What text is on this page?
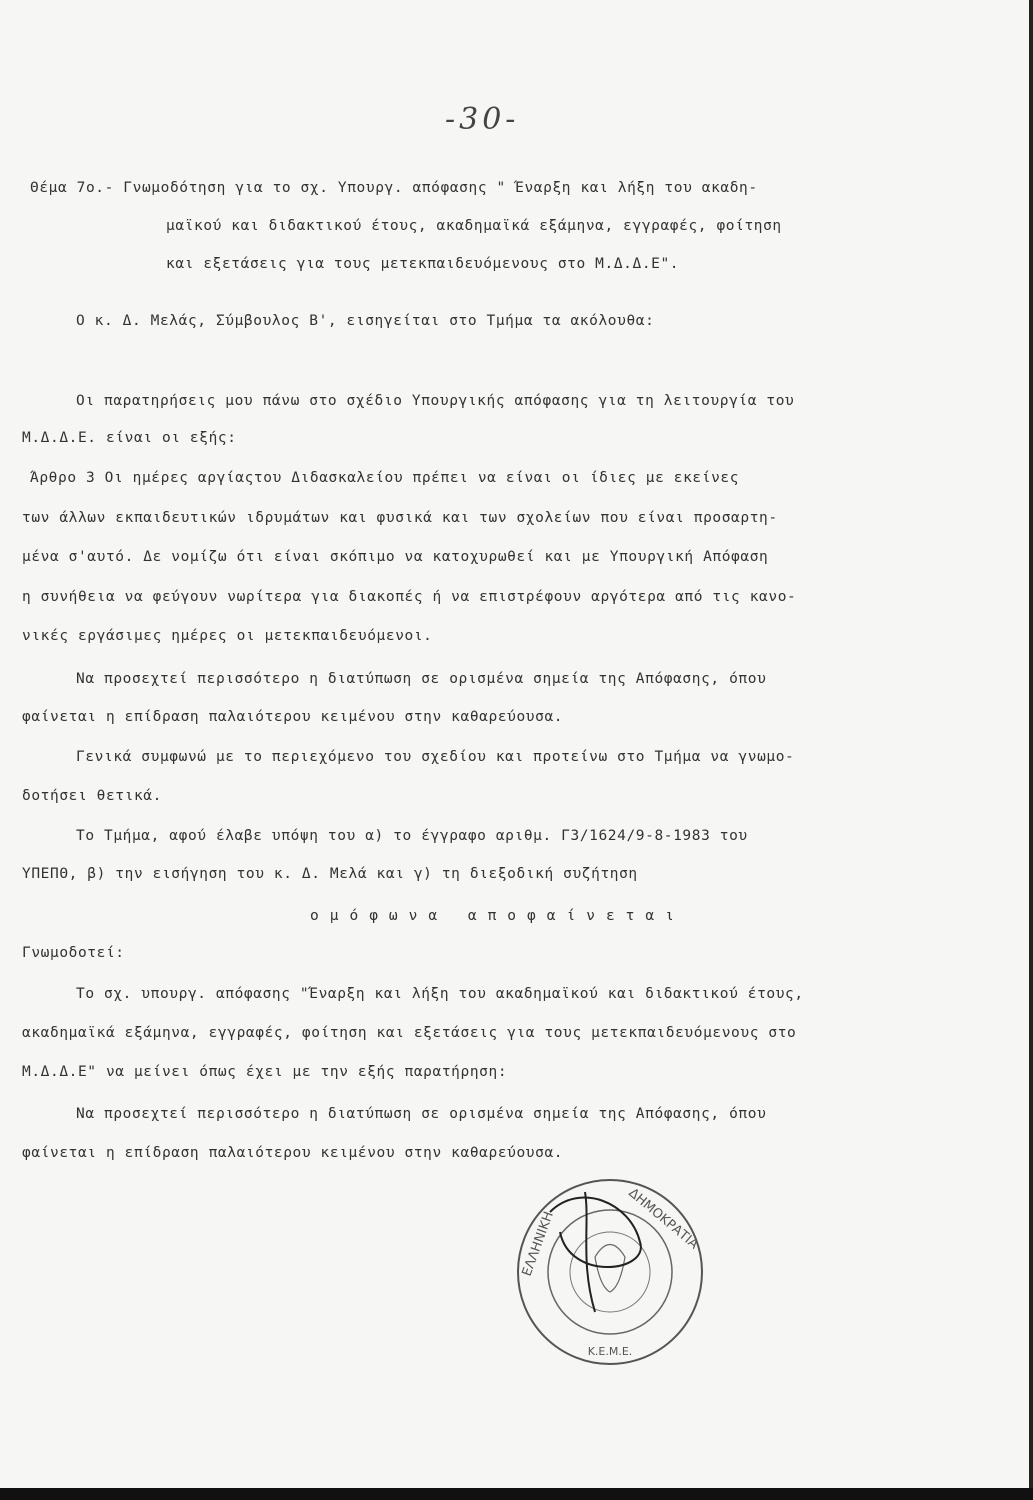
-30-
Θέμα 7ο.- Γνωμοδότηση για το σχ. Υπουργ. απόφασης " Έναρξη και λήξη του ακαδη-
μαϊκού και διδακτικού έτους, ακαδημαϊκά εξάμηνα, εγγραφές, φοίτηση
και εξετάσεις για τους μετεκπαιδευόμενους στο Μ.Δ.Δ.Ε".
Ο κ. Δ. Μελάς, Σύμβουλος Β', εισηγείται στο Τμήμα τα ακόλουθα:
Οι παρατηρήσεις μου πάνω στο σχέδιο Υπουργικής απόφασης για τη λειτουργία του
Μ.Δ.Δ.Ε. είναι οι εξής:
Άρθρο 3 Οι ημέρες αργίαςτου Διδασκαλείου πρέπει να είναι οι ίδιες με εκείνες
των άλλων εκπαιδευτικών ιδρυμάτων και φυσικά και των σχολείων που είναι προσαρτη-
μένα σ'αυτό. Δε νομίζω ότι είναι σκόπιμο να κατοχυρωθεί και με Υπουργική Απόφαση
η συνήθεια να φεύγουν νωρίτερα για διακοπές ή να επιστρέφουν αργότερα από τις κανο-
νικές εργάσιμες ημέρες οι μετεκπαιδευόμενοι.
Να προσεχτεί περισσότερο η διατύπωση σε ορισμένα σημεία της Απόφασης, όπου
φαίνεται η επίδραση παλαιότερου κειμένου στην καθαρεύουσα.
Γενικά συμφωνώ με το περιεχόμενο του σχεδίου και προτείνω στο Τμήμα να γνωμο-
δοτήσει θετικά.
Το Τμήμα, αφού έλαβε υπόψη του α) το έγγραφο αριθμ. Γ3/1624/9-8-1983 του
ΥΠΕΠΘ, β) την εισήγηση του κ. Δ. Μελά και γ) τη διεξοδική συζήτηση
ομόφωνα αποφαίνεται
Γνωμοδοτεί:
Το σχ. υπουργ. απόφασης "Έναρξη και λήξη του ακαδημαϊκού και διδακτικού έτους,
ακαδημαϊκά εξάμηνα, εγγραφές, φοίτηση και εξετάσεις για τους μετεκπαιδευόμενους στο
Μ.Δ.Δ.Ε" να μείνει όπως έχει με την εξής παρατήρηση:
Να προσεχτεί περισσότερο η διατύπωση σε ορισμένα σημεία της Απόφασης, όπου
φαίνεται η επίδραση παλαιότερου κειμένου στην καθαρεύουσα.
Κ.Ε.Μ.Ε.
ΕΛΛΗΝΙΚΗ	ΔΗΜΟΚΡΑΤΙΑ
